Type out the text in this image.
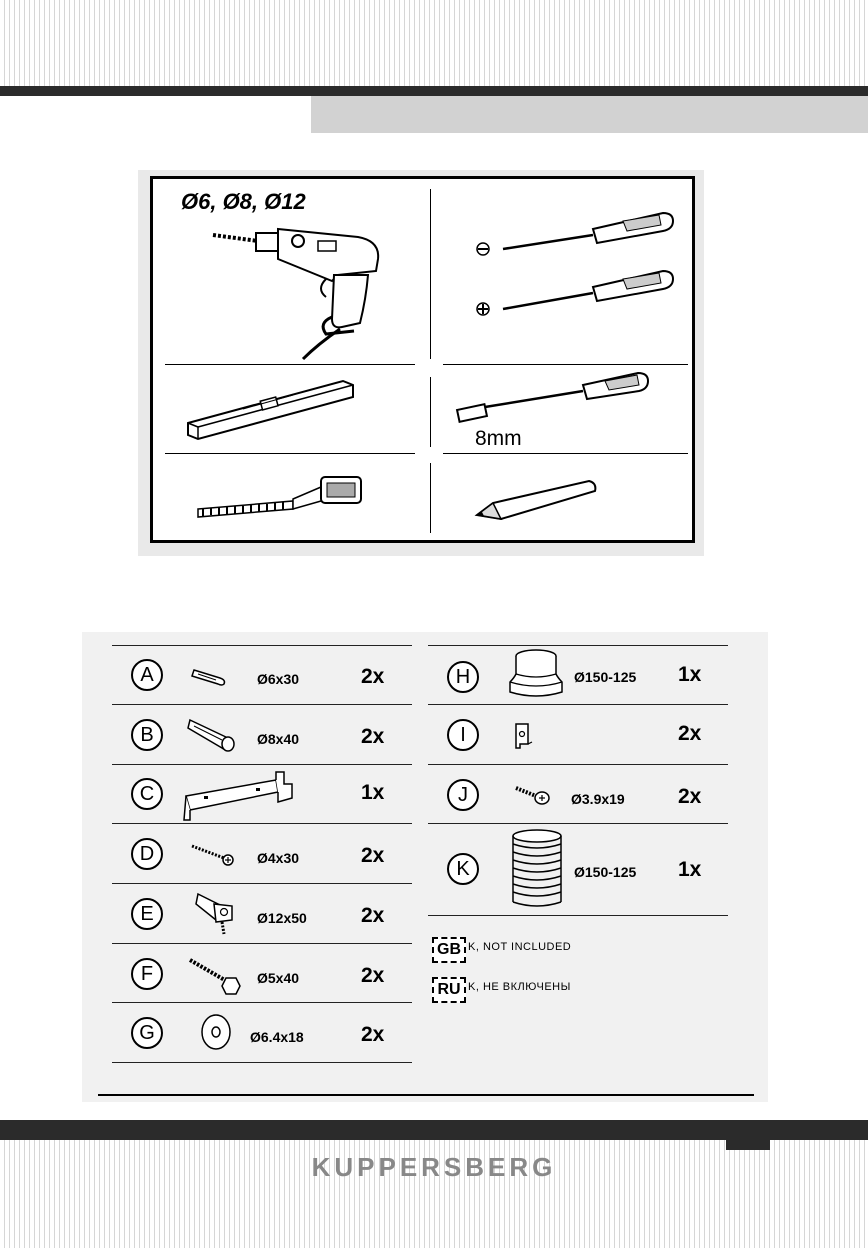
Ø6, Ø8, Ø12
8mm
A	Ø6x30	2x
B	Ø8x40	2x
C	1x
D	Ø4x30	2x
E	Ø12x50	2x
F	Ø5x40	2x
G	Ø6.4x18	2x
H	Ø150-125 1x
I	2x
J	Ø3.9x19	2x
K	Ø150-125 1x
GB K, NOT INCLUDED
RU K, НЕ ВКЛЮЧЕНЫ
KUPPERSBERG
